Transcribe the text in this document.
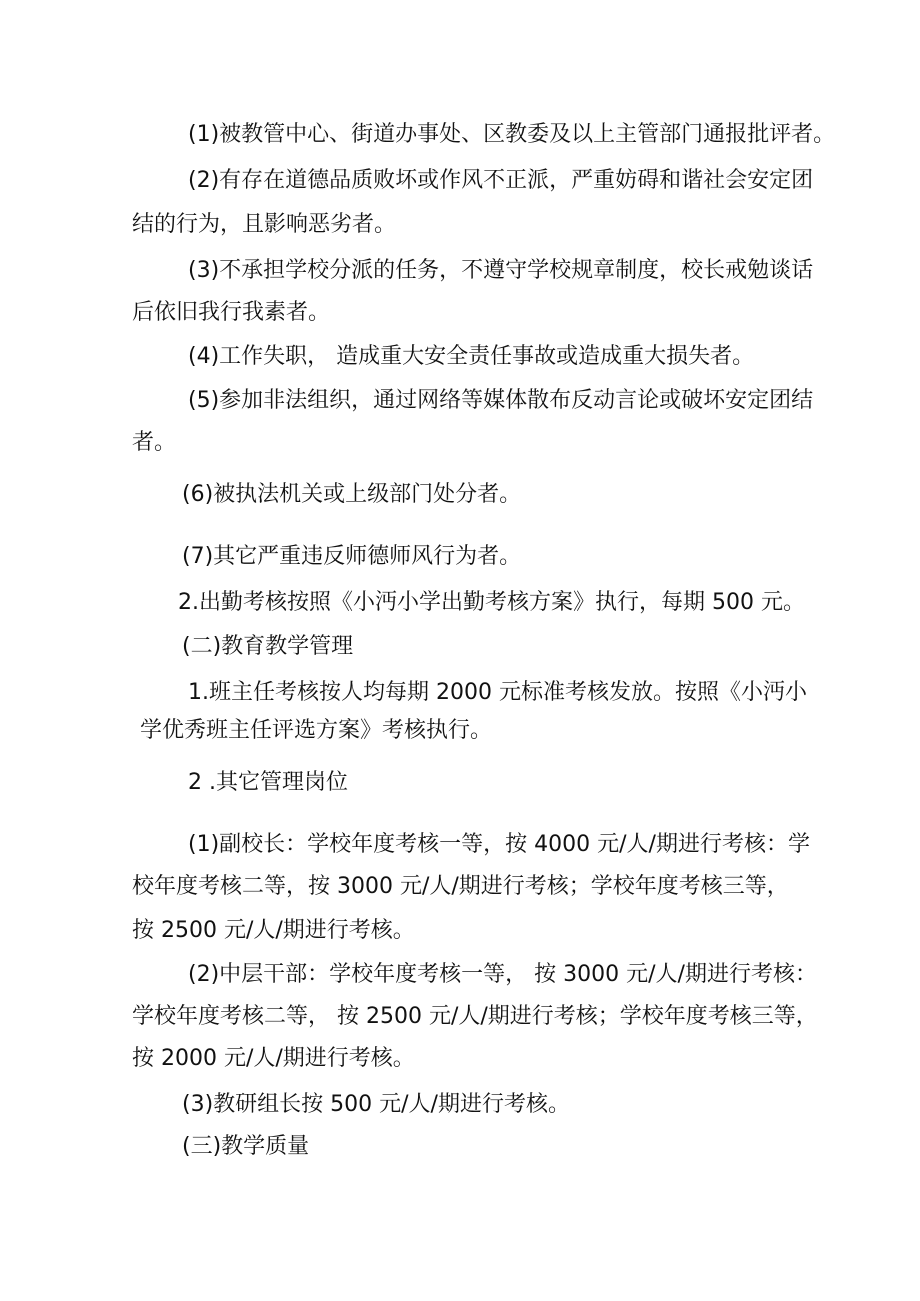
(1)被教管中心、街道办事处、区教委及以上主管部门通报批评者。
(2)有存在道德品质败坏或作风不正派，严重妨碍和谐社会安定团
结的行为，且影响恶劣者。
(3)不承担学校分派的任务，不遵守学校规章制度，校长戒勉谈话
后依旧我行我素者。
(4)工作失职， 造成重大安全责任事故或造成重大损失者。
(5)参加非法组织，通过网络等媒体散布反动言论或破坏安定团结
者。
(6)被执法机关或上级部门处分者。
(7)其它严重违反师德师风行为者。
2.出勤考核按照《小沔小学出勤考核方案》执行，每期 500 元。
(二)教育教学管理
1.班主任考核按人均每期 2000 元标准考核发放。按照《小沔小
学优秀班主任评选方案》考核执行。
2 .其它管理岗位
(1)副校长：学校年度考核一等，按 4000 元/人/期进行考核：学
校年度考核二等，按 3000 元/人/期进行考核；学校年度考核三等，
按 2500 元/人/期进行考核。
(2)中层干部：学校年度考核一等， 按 3000 元/人/期进行考核：
学校年度考核二等， 按 2500 元/人/期进行考核；学校年度考核三等，
按 2000 元/人/期进行考核。
(3)教研组长按 500 元/人/期进行考核。
(三)教学质量
